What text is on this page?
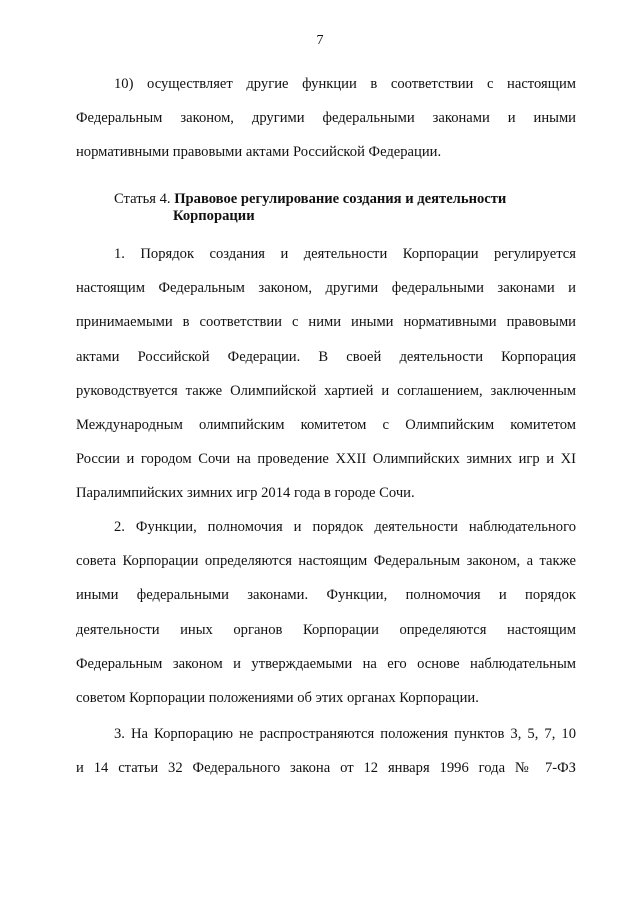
7

10) осуществляет другие функции в соответствии с настоящим
Федеральным законом, другими федеральными законами и иными
нормативными правовыми актами Российской Федерации.

Статья 4. Правовое регулирование создания и деятельности
Корпорации

1. Порядок создания и деятельности Корпорации регулируется
настоящим Федеральным законом, другими федеральными законами и
принимаемыми в соответствии с ними иными нормативными правовыми
актами Российской Федерации. В своей деятельности Корпорация
руководствуется также Олимпийской хартией и соглашением, заключенным
Международным олимпийским комитетом с Олимпийским комитетом
России и городом Сочи на проведение XXII Олимпийских зимних игр и XI
Паралимпийских зимних игр 2014 года в городе Сочи.

2. Функции, полномочия и порядок деятельности наблюдательного
совета Корпорации определяются настоящим Федеральным законом, а также
иными федеральными законами. Функции, полномочия и порядок
деятельности иных органов Корпорации определяются настоящим
Федеральным законом и утверждаемыми на его основе наблюдательным
советом Корпорации положениями об этих органах Корпорации.

3. На Корпорацию не распространяются положения пунктов 3, 5, 7, 10
и 14 статьи 32 Федерального закона от 12 января 1996 года № 7-ФЗ
